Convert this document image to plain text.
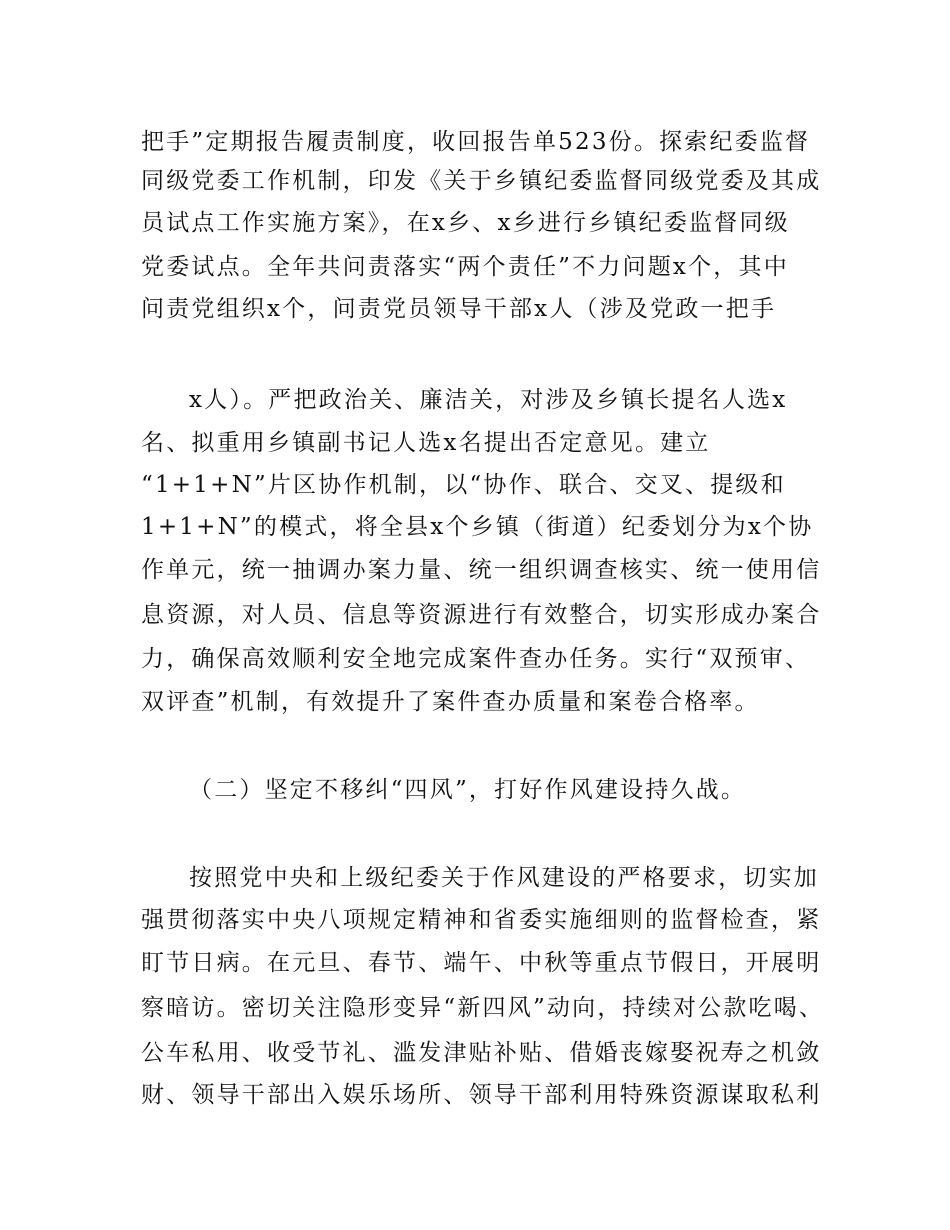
把手”定期报告履责制度，收回报告单523份。探索纪委监督
同级党委工作机制，印发《关于乡镇纪委监督同级党委及其成
员试点工作实施方案》，在x乡、x乡进行乡镇纪委监督同级
党委试点。全年共问责落实“两个责任”不力问题x个，其中
问责党组织x个，问责党员领导干部x人（涉及党政一把手
x人）。严把政治关、廉洁关，对涉及乡镇长提名人选x
名、拟重用乡镇副书记人选x名提出否定意见。建立
“1+1+N”片区协作机制，以“协作、联合、交叉、提级和
1+1+N”的模式，将全县x个乡镇（街道）纪委划分为x个协
作单元，统一抽调办案力量、统一组织调查核实、统一使用信
息资源，对人员、信息等资源进行有效整合，切实形成办案合
力，确保高效顺利安全地完成案件查办任务。实行“双预审、
双评查”机制，有效提升了案件查办质量和案卷合格率。
（二）坚定不移纠“四风”，打好作风建设持久战。
按照党中央和上级纪委关于作风建设的严格要求，切实加
强贯彻落实中央八项规定精神和省委实施细则的监督检查，紧
盯节日病。在元旦、春节、端午、中秋等重点节假日，开展明
察暗访。密切关注隐形变异“新四风”动向，持续对公款吃喝、
公车私用、收受节礼、滥发津贴补贴、借婚丧嫁娶祝寿之机敛
财、领导干部出入娱乐场所、领导干部利用特殊资源谋取私利
